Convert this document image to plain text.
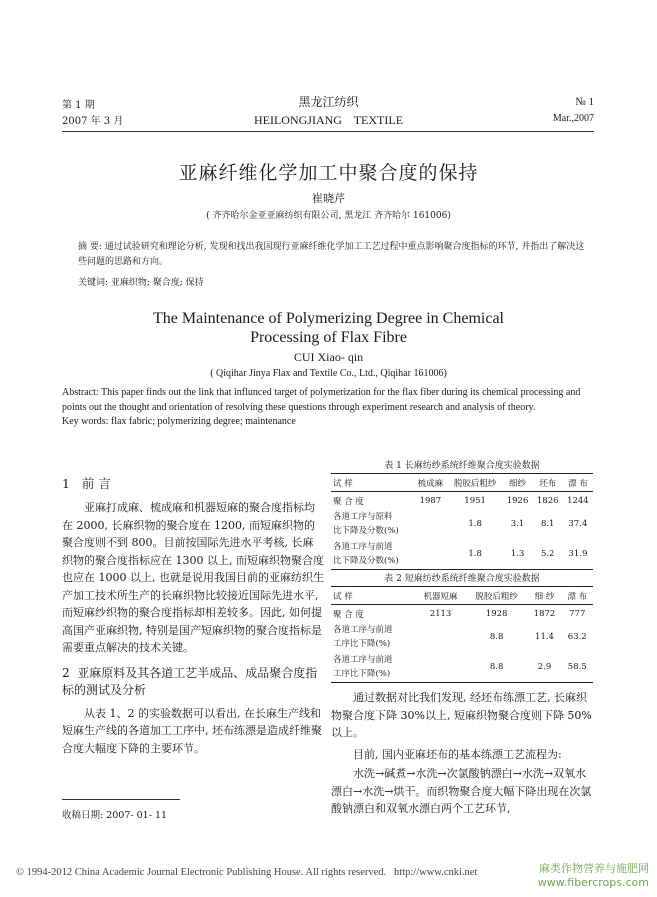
第 1 期
2007 年 3 月
黑龙江纺织
HEILONGJIANG    TEXTILE
№ 1
Mar.,2007
亚麻纤维化学加工中聚合度的保持
崔晓芹
( 齐齐哈尔金亚亚麻纺织有限公司, 黑龙江 齐齐哈尔 161006)
摘 要: 通过试验研究和理论分析, 发现和找出我国现行亚麻纤维化学加工工艺过程中重点影响聚合度指标的环节, 并指出了解决这些问题的思路和方向。
关键词: 亚麻织物; 聚合度; 保持
The Maintenance of Polymerizing Degree in Chemical
Processing of Flax Fibre
CUI Xiao- qin
( Qiqihar Jinya Flax and Textile Co., Ltd., Qiqihar 161006)
Abstract: This paper finds out the link that influnced target of polymerization for the flax fiber during its chemical processing and points out the thought and orientation of resolving these questions through experiment research and analysis of theory.
Key words: flax fabric; polymerizing degree; maintenance
1 前 言

亚麻打成麻、梳成麻和机器短麻的聚合度指标均在 2000, 长麻织物的聚合度在 1200, 而短麻织物的聚合度则不到 800。目前按国际先进水平考核, 长麻织物的聚合度指标应在 1300 以上, 而短麻织物聚合度也应在 1000 以上, 也就是说用我国目前的亚麻纺织生产加工技术所生产的长麻织物比较接近国际先进水平, 而短麻纱织物的聚合度指标却相差较多。因此, 如何提高国产亚麻织物, 特别是国产短麻织物的聚合度指标是需要重点解决的技术关键。

2 亚麻原料及其各道工艺半成品、成品聚合度指标的测试及分析

从表 1、2 的实验数据可以看出, 在长麻生产线和短麻生产线的各道加工工序中, 坯布练漂是造成纤维聚合度大幅度下降的主要环节。

收稿日期: 2007- 01- 11
表 1 长麻纺纱系统纤维聚合度实验数据
试 样	梳成麻	脱胶后粗纱	细纱	坯布	漂 布
聚 合 度	1987	1951	1926	1826	1244
各道工序与原料
比下降及分数(%)		1.8	3.1	8.1	37.4
各道工序与前道
比下降及分数(%)		1.8	1.3	5.2	31.9
表 2 短麻纺纱系统纤维聚合度实验数据
试 样	机器短麻	脱胶后粗纱	细 纱	漂 布
聚 合 度	2113	1928	1872	777
各道工序与前道
工序比下降(%)		8.8	11.4	63.2
各道工序与前道
工序比下降(%)		8.8	2.9	58.5

通过数据对比我们发现, 经坯布练漂工艺, 长麻织物聚合度下降 30%以上, 短麻织物聚合度则下降 50%以上。

目前, 国内亚麻坯布的基本练漂工艺流程为:

水洗→碱煮→水洗→次氯酸钠漂白→水洗→双氧水漂白→水洗→烘干。而织物聚合度大幅下降出现在次氯酸钠漂白和双氧水漂白两个工艺环节,

© 1994-2012 China Academic Journal Electronic Publishing House. All rights reserved. http://www.cnki.net	麻类作物营养与施肥网
www.fibercrops.com
